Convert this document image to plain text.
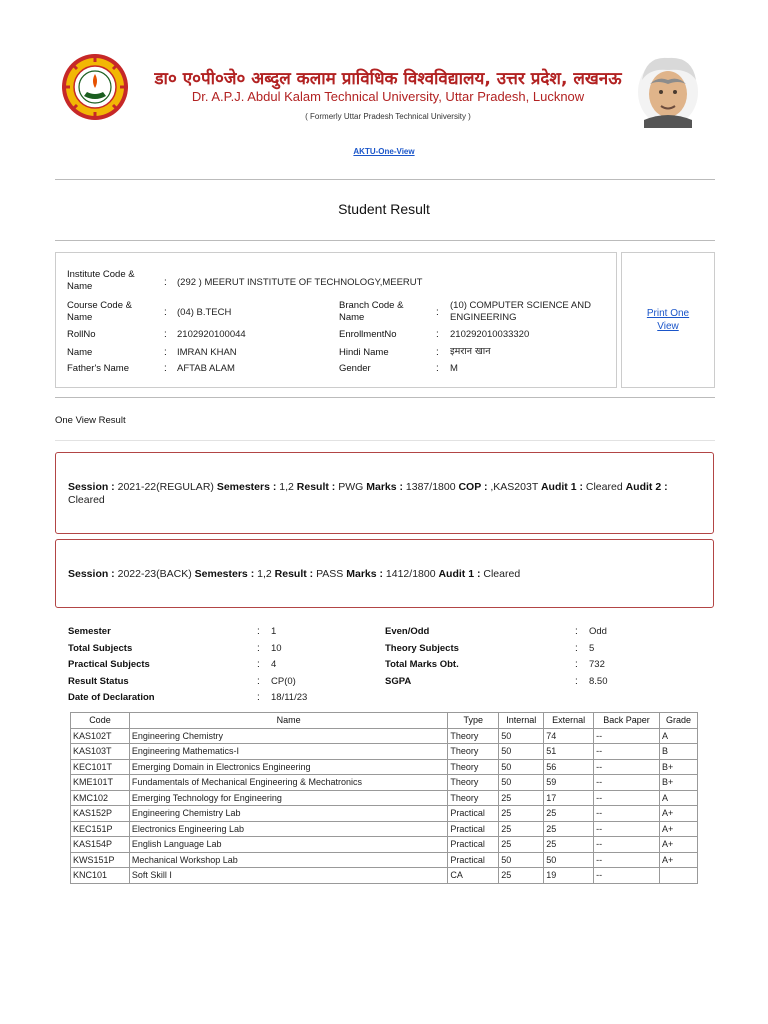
डा० ए०पी०जे० अब्दुल कलाम प्राविधिक विश्वविद्यालय, उत्तर प्रदेश, लखनऊ
Dr. A.P.J. Abdul Kalam Technical University, Uttar Pradesh, Lucknow
( Formerly Uttar Pradesh Technical University )
AKTU-One-View
Student Result
Institute Code & Name	: (292 ) MEERUT INSTITUTE OF TECHNOLOGY,MEERUT
Course Code & Name	: (04) B.TECH
Branch Code & Name	:
(10) COMPUTER SCIENCE AND ENGINEERING
RollNo	: 2102920100044	EnrollmentNo	: 210292010033320
Name	: IMRAN KHAN	Hindi Name	: इमरान खान
Father's Name	: AFTAB ALAM	Gender	: M
Print One View
One View Result
Session : 2021-22(REGULAR) Semesters : 1,2 Result : PWG Marks : 1387/1800 COP : ,KAS203T Audit 1 : Cleared Audit 2 : Cleared
Session : 2022-23(BACK) Semesters : 1,2 Result : PASS Marks : 1412/1800 Audit 1 : Cleared
Semester	: 1	Even/Odd	: Odd
Total Subjects	: 10	Theory Subjects	: 5
Practical Subjects	: 4	Total Marks Obt.	: 732
Result Status	: CP(0)	SGPA	: 8.50
Date of Declaration	: 18/11/23
Code	Name	Type	Internal	External	Back Paper	Grade
KAS102T	Engineering Chemistry	Theory	50	74	--	A
KAS103T	Engineering Mathematics-I	Theory	50	51	--	B
KEC101T	Emerging Domain in Electronics Engineering	Theory	50	56	--	B+
KME101T	Fundamentals of Mechanical Engineering & Mechatronics	Theory	50	59	--	B+
KMC102	Emerging Technology for Engineering	Theory	25	17	--	A
KAS152P	Engineering Chemistry Lab	Practical	25	25	--	A+
KEC151P	Electronics Engineering Lab	Practical	25	25	--	A+
KAS154P	English Language Lab	Practical	25	25	--	A+
KWS151P	Mechanical Workshop Lab	Practical	50	50	--	A+
KNC101	Soft Skill I	CA	25	19	--	
